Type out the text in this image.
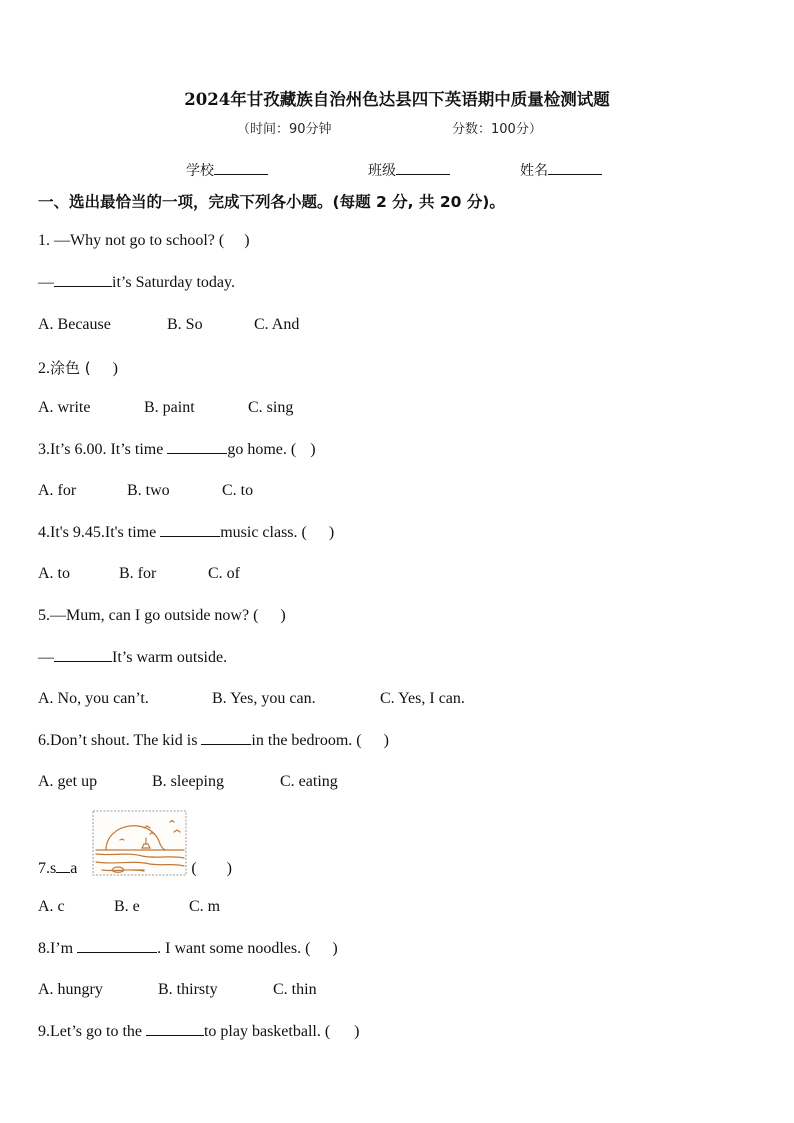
2024年甘孜藏族自治州色达县四下英语期中质量检测试题
（时间：90分钟	分数：100分）
学校	班级	姓名
一、选出最恰当的一项，完成下列各小题。(每题 2 分, 共 20 分)。
1. —Why not go to school? ( )
—	it’s Saturday today.
A. Because	B. So	C. And
2.涂色 ( )
A. write	B. paint	C. sing
3.It’s 6.00. It’s time	go home. ( )
A. for	B. two	C. to
4.It's 9.45.It's time	music class. ( )
A. to	B. for	C. of
5.—Mum, can I go outside now? ( )
—	It’s warm outside.
A. No, you can’t.	B. Yes, you can.	C. Yes, I can.
6.Don’t shout. The kid is	in the bedroom. ( )
A. get up	B. sleeping	C. eating
7.s a	( )
A. c	B. e	C. m
8.I’m	. I want some noodles. ( )
A. hungry	B. thirsty	C. thin
9.Let’s go to the	to play basketball. ( )
